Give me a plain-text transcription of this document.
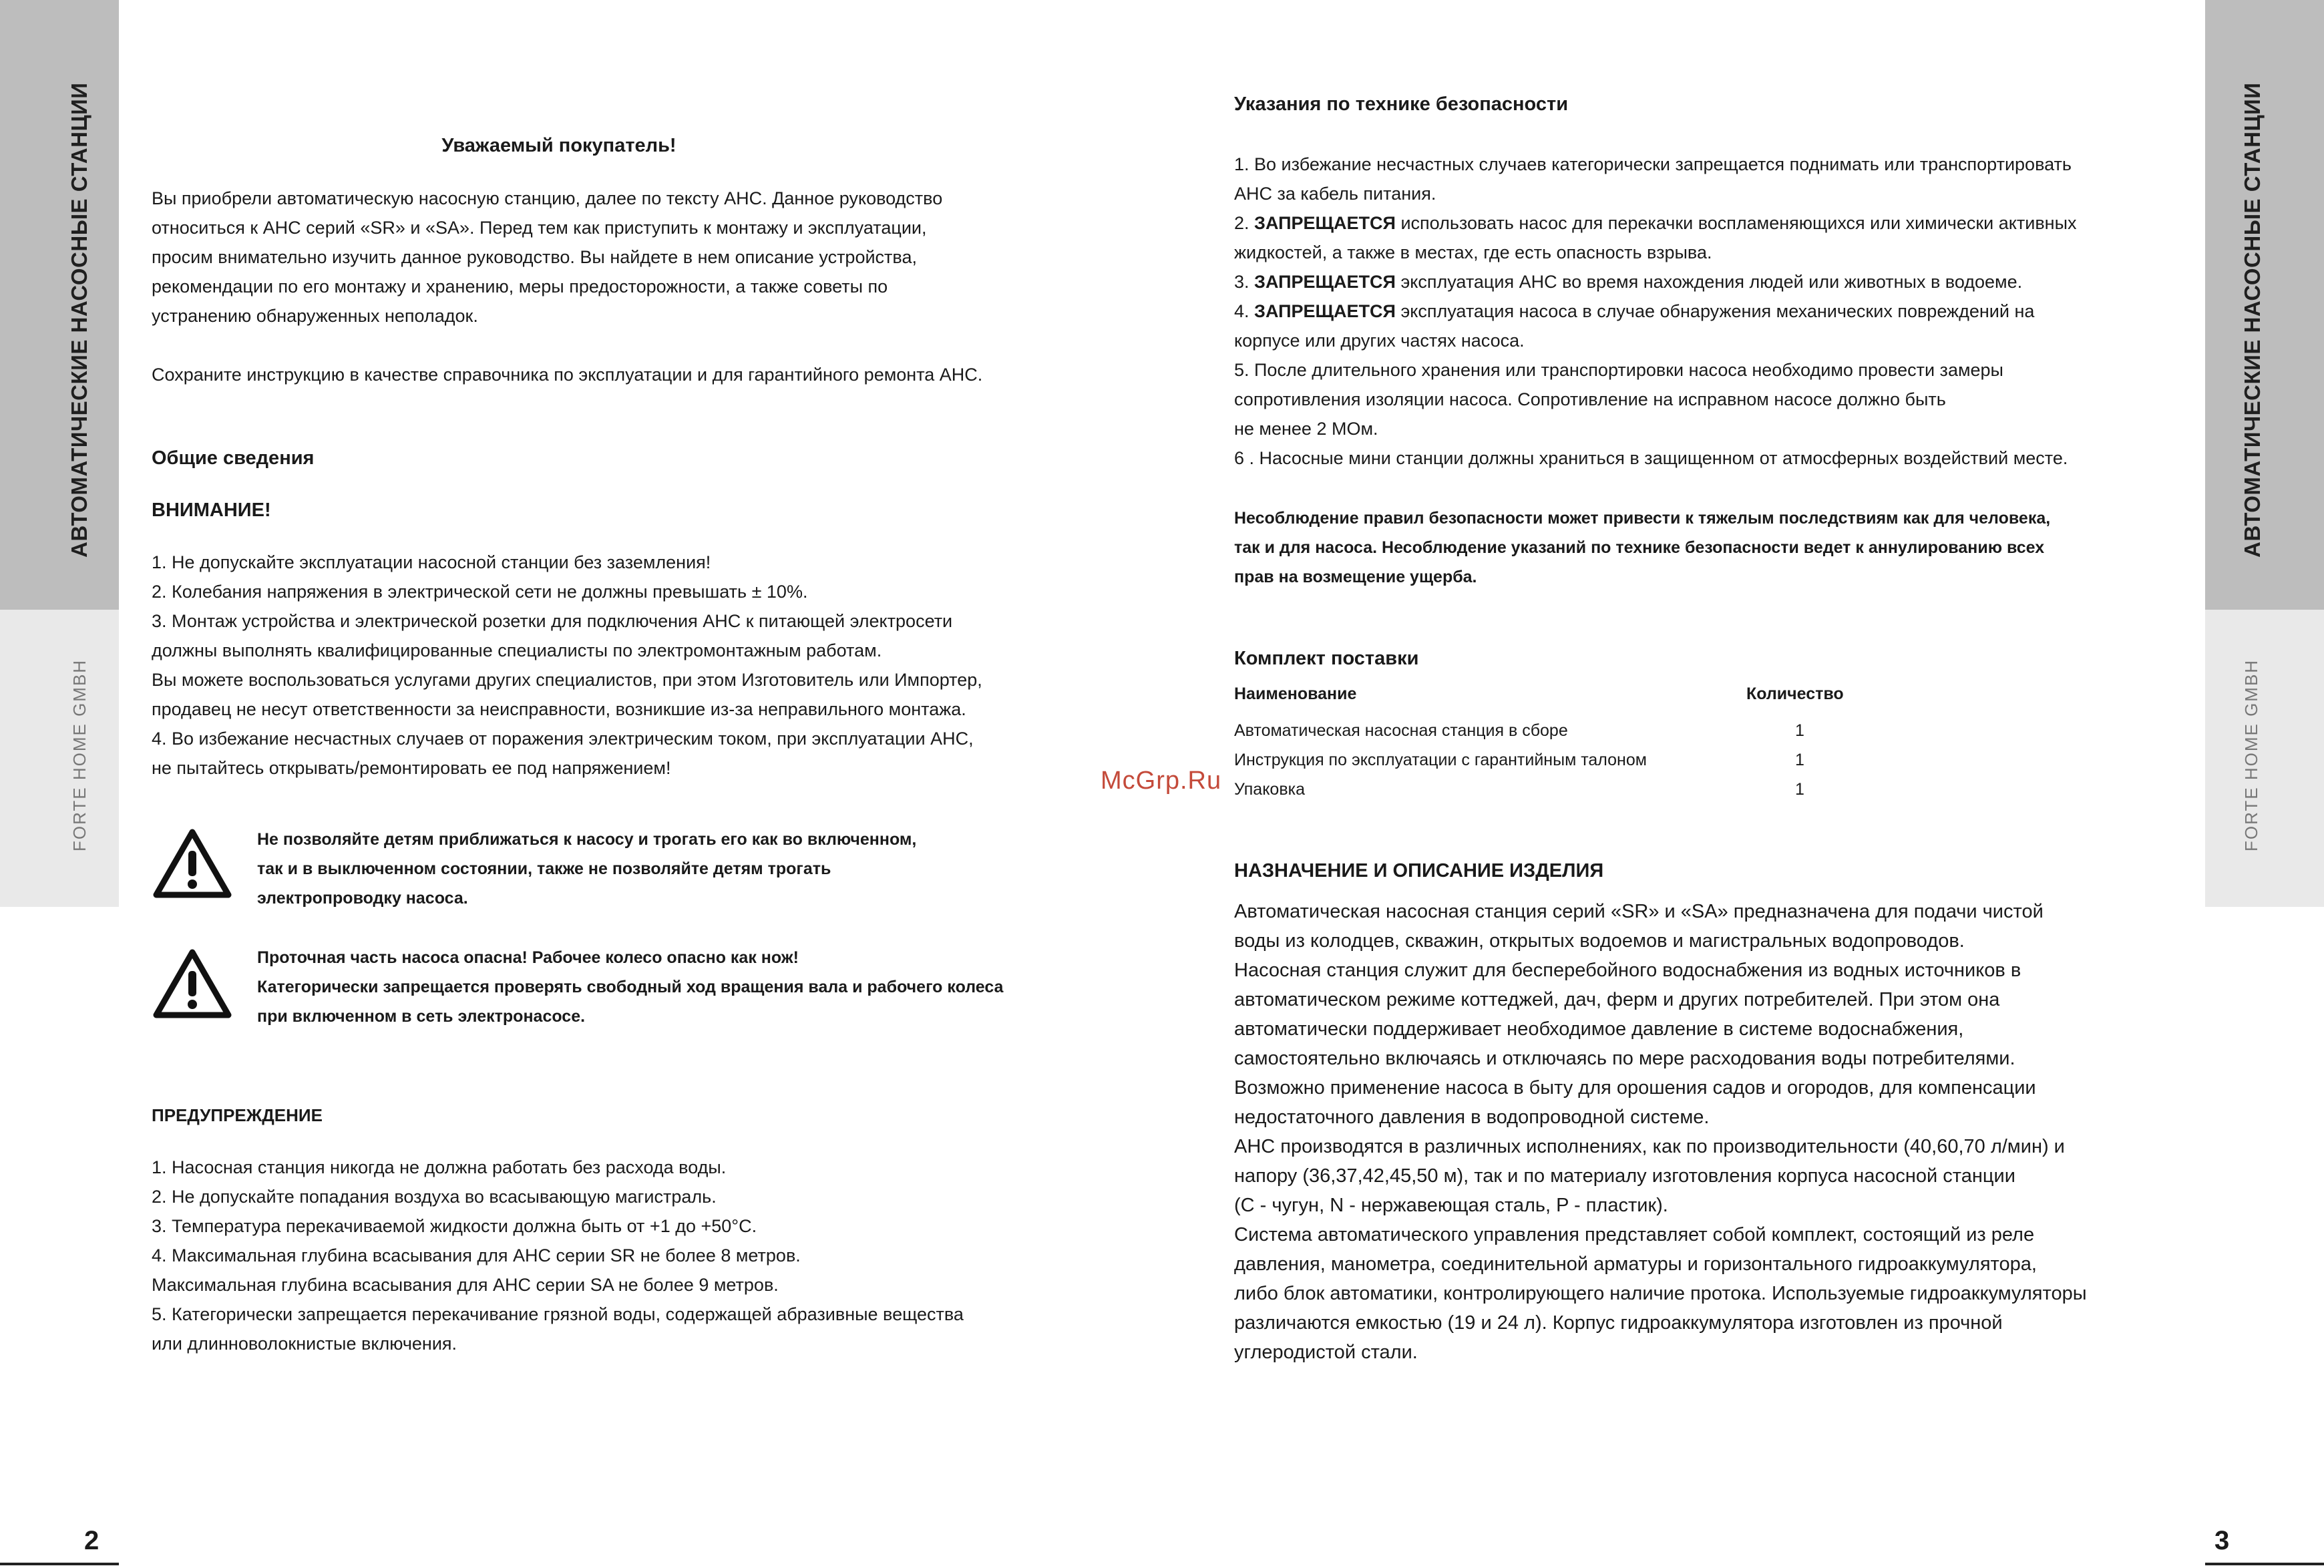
АВТОМАТИЧЕСКИЕ НАСОСНЫЕ СТАНЦИИ
FORTE HOME GMBH
АВТОМАТИЧЕСКИЕ НАСОСНЫЕ СТАНЦИИ
FORTE HOME GMBH
2	3

Уважаемый покупатель!

Вы приобрели автоматическую насосную станцию, далее по тексту АНС. Данное руководство

относиться к АНС серий «SR» и «SA». Перед тем как приступить к монтажу и эксплуатации,

просим внимательно изучить данное руководство. Вы найдете в нем описание устройства,

рекомендации по его монтажу и хранению, меры предосторожности, а также советы по

устранению обнаруженных неполадок.

Сохраните инструкцию в качестве справочника по эксплуатации и для гарантийного ремонта АНС.

Общие сведения

ВНИМАНИЕ!

1. Не допускайте эксплуатации насосной станции без заземления!

2. Колебания напряжения в электрической сети не должны превышать ± 10%.

3. Монтаж устройства и электрической розетки для подключения АНС к питающей электросети

должны выполнять квалифицированные специалисты по электромонтажным работам.

Вы можете воспользоваться услугами других специалистов, при этом Изготовитель или Импортер,

продавец не несут ответственности за неисправности, возникшие из-за неправильного монтажа.

4. Во избежание несчастных случаев от поражения электрическим током, при эксплуатации АНС,

не пытайтесь открывать/ремонтировать ее под напряжением!

Не позволяйте детям приближаться к насосу и трогать его как во включенном,

так и в выключенном состоянии, также не позволяйте детям трогать

электропроводку насоса.

Проточная часть насоса опасна! Рабочее колесо опасно как нож!

Категорически запрещается проверять свободный ход вращения вала и рабочего колеса

при включенном в сеть электронасосе.

ПРЕДУПРЕЖДЕНИЕ

1. Насосная станция никогда не должна работать без расхода воды.

2. Не допускайте попадания воздуха во всасывающую магистраль.

3. Температура перекачиваемой жидкости должна быть от +1 до +50°С.

4. Максимальная глубина всасывания для АНС серии SR не более 8 метров.

Максимальная глубина всасывания для АНС серии SA не более 9 метров.

5. Категорически запрещается перекачивание грязной воды, содержащей абразивные вещества

или длинноволокнистые включения.

McGrp.Ru

Указания по технике безопасности

1. Во избежание несчастных случаев категорически запрещается поднимать или транспортировать

АНС за кабель питания.

2. ЗАПРЕЩАЕТСЯ использовать насос для перекачки воспламеняющихся или химически активных

жидкостей, а также в местах, где есть опасность взрыва.

3. ЗАПРЕЩАЕТСЯ эксплуатация АНС во время нахождения людей или животных в водоеме.

4. ЗАПРЕЩАЕТСЯ эксплуатация насоса в случае обнаружения механических повреждений на

корпусе или других частях насоса.

5. После длительного хранения или транспортировки насоса необходимо провести замеры

сопротивления изоляции насоса. Сопротивление на исправном насосе должно быть

не менее 2 МОм.

6 . Насосные мини станции должны храниться в защищенном от атмосферных воздействий месте.

Несоблюдение правил безопасности может привести к тяжелым последствиям как для человека,

так и для насоса. Несоблюдение указаний по технике безопасности ведет к аннулированию всех

прав на возмещение ущерба.

Комплект поставки

Наименование	Количество
Автоматическая насосная станция в сборе	1
Инструкция по эксплуатации с гарантийным талоном	1
Упаковка	1

НАЗНАЧЕНИЕ И ОПИСАНИЕ ИЗДЕЛИЯ

Автоматическая насосная станция серий «SR» и «SA» предназначена для подачи чистой

воды из колодцев, скважин, открытых водоемов и магистральных водопроводов.

Насосная станция служит для бесперебойного водоснабжения из водных источников в

автоматическом режиме коттеджей, дач, ферм и других потребителей. При этом она

автоматически поддерживает необходимое давление в системе водоснабжения,

самостоятельно включаясь и отключаясь по мере расходования воды потребителями.

Возможно применение насоса в быту для орошения садов и огородов, для компенсации

недостаточного давления в водопроводной системе.

АНС производятся в различных исполнениях, как по производительности (40,60,70 л/мин) и

напору (36,37,42,45,50 м), так и по материалу изготовления корпуса насосной станции

(С - чугун, N - нержавеющая сталь, P - пластик).

Система автоматического управления представляет собой комплект, состоящий из реле

давления, манометра, соединительной арматуры и горизонтального гидроаккумулятора,

либо блок автоматики, контролирующего наличие протока. Используемые гидроаккумуляторы

различаются емкостью (19 и 24 л). Корпус гидроаккумулятора изготовлен из прочной

углеродистой стали.
